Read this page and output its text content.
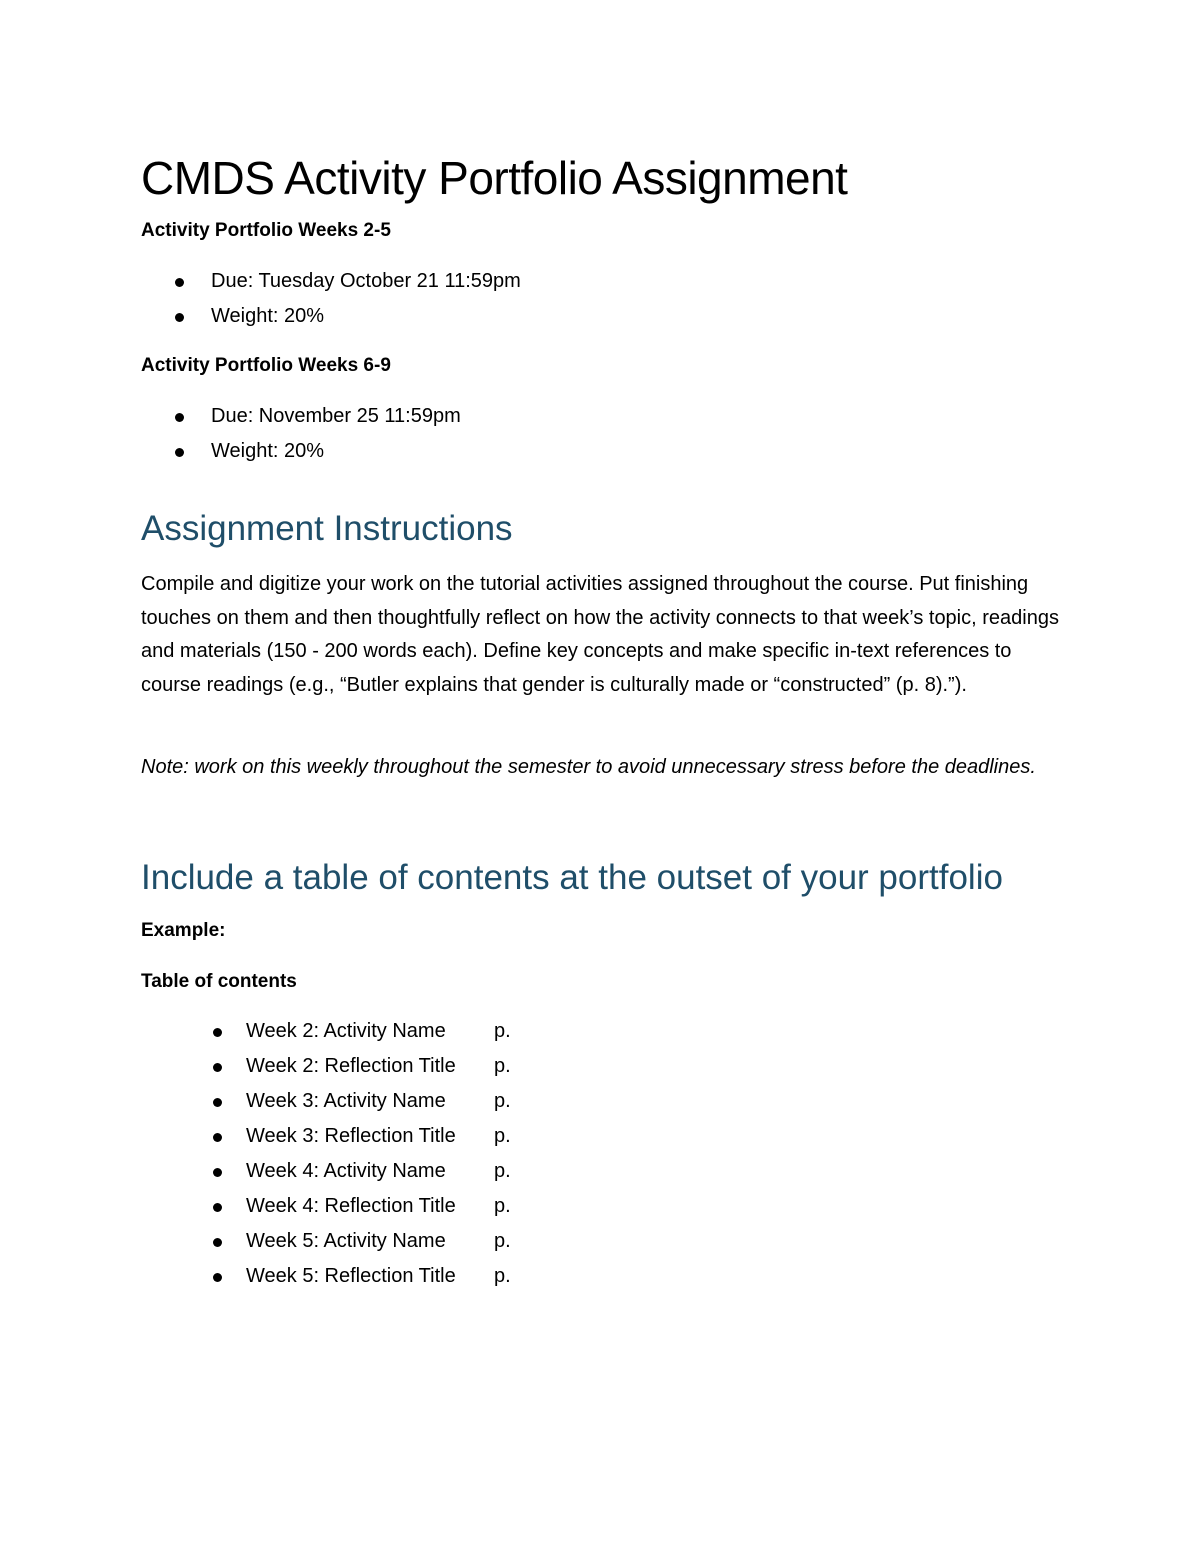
CMDS Activity Portfolio Assignment

Activity Portfolio Weeks 2-5

Due: Tuesday October 21 11:59pm
Weight: 20%

Activity Portfolio Weeks 6-9

Due: November 25 11:59pm
Weight: 20%
Assignment Instructions

Compile and digitize your work on the tutorial activities assigned throughout the course. Put finishing touches on them and then thoughtfully reflect on how the activity connects to that week’s topic, readings and materials (150 - 200 words each). Define key concepts and make specific in-text references to course readings (e.g., “Butler explains that gender is culturally made or “constructed” (p. 8).”).

Note: work on this weekly throughout the semester to avoid unnecessary stress before the deadlines.

Include a table of contents at the outset of your portfolio

Example:

Table of contents

Week 2: Activity Name p.
Week 2: Reflection Title p.
Week 3: Activity Name p.
Week 3: Reflection Title p.
Week 4: Activity Name p.
Week 4: Reflection Title p.
Week 5: Activity Name p.
Week 5: Reflection Title p.
